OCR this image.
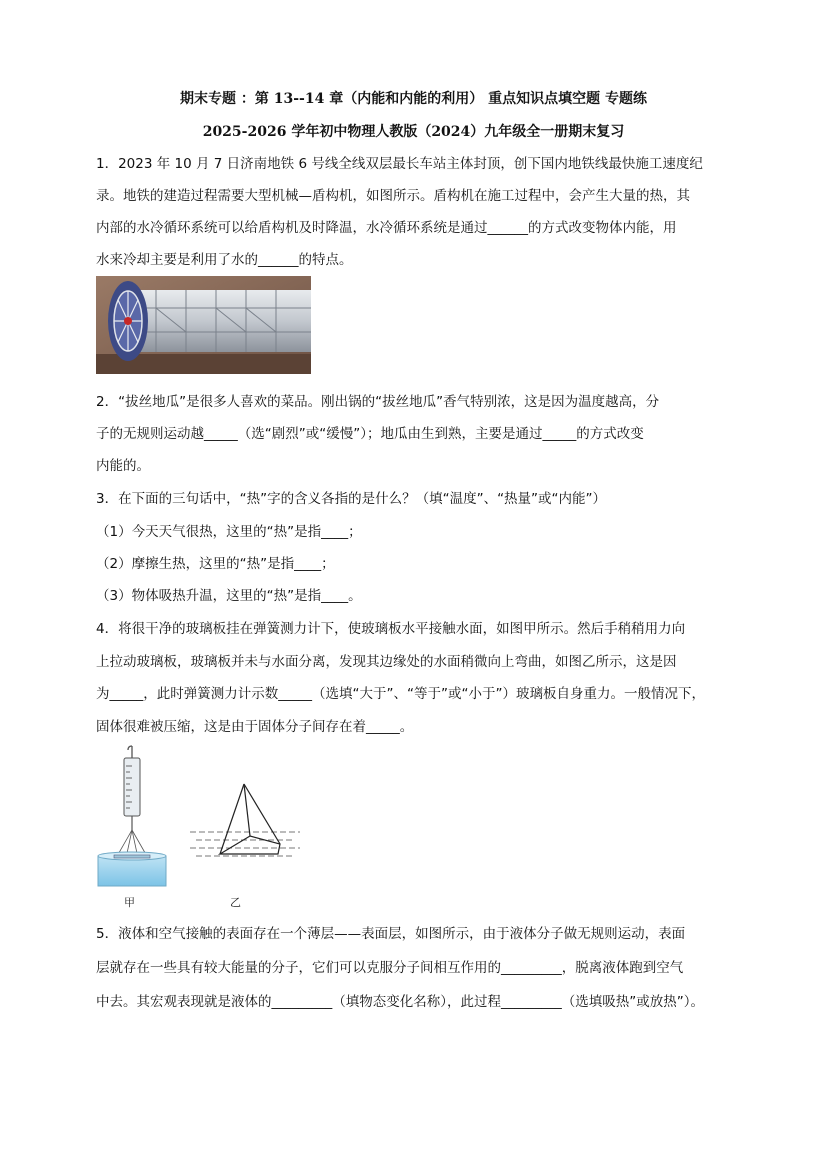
期末专题 ：第 13--14 章（内能和内能的利用） 重点知识点填空题 专题练
2025-2026 学年初中物理人教版（2024）九年级全一册期末复习
1．2023 年 10 月 7 日济南地铁 6 号线全线双层最长车站主体封顶，创下国内地铁线最快施工速度纪
录。地铁的建造过程需要大型机械—盾构机，如图所示。盾构机在施工过程中，会产生大量的热，其
内部的水冷循环系统可以给盾构机及时降温，水冷循环系统是通过______的方式改变物体内能，用
水来冷却主要是利用了水的______的特点。
2．“拔丝地瓜”是很多人喜欢的菜品。刚出锅的“拔丝地瓜”香气特别浓，这是因为温度越高，分
子的无规则运动越_____（选“剧烈”或“缓慢”）；地瓜由生到熟，主要是通过_____的方式改变
内能的。
3．在下面的三句话中，“热”字的含义各指的是什么？（填“温度”、“热量”或“内能”）
（1）今天天气很热，这里的“热”是指____；
（2）摩擦生热，这里的“热”是指____；
（3）物体吸热升温，这里的“热”是指____。
4．将很干净的玻璃板挂在弹簧测力计下，使玻璃板水平接触水面，如图甲所示。然后手稍稍用力向
上拉动玻璃板，玻璃板并未与水面分离，发现其边缘处的水面稍微向上弯曲，如图乙所示，这是因
为_____，此时弹簧测力计示数_____（选填“大于”、“等于”或“小于”）玻璃板自身重力。一般情况下，
固体很难被压缩，这是由于固体分子间存在着_____。
甲	乙
5．液体和空气接触的表面存在一个薄层——表面层，如图所示，由于液体分子做无规则运动，表面
层就存在一些具有较大能量的分子，它们可以克服分子间相互作用的_________，脱离液体跑到空气
中去。其宏观表现就是液体的_________（填物态变化名称），此过程_________（选填吸热”或放热”）。
